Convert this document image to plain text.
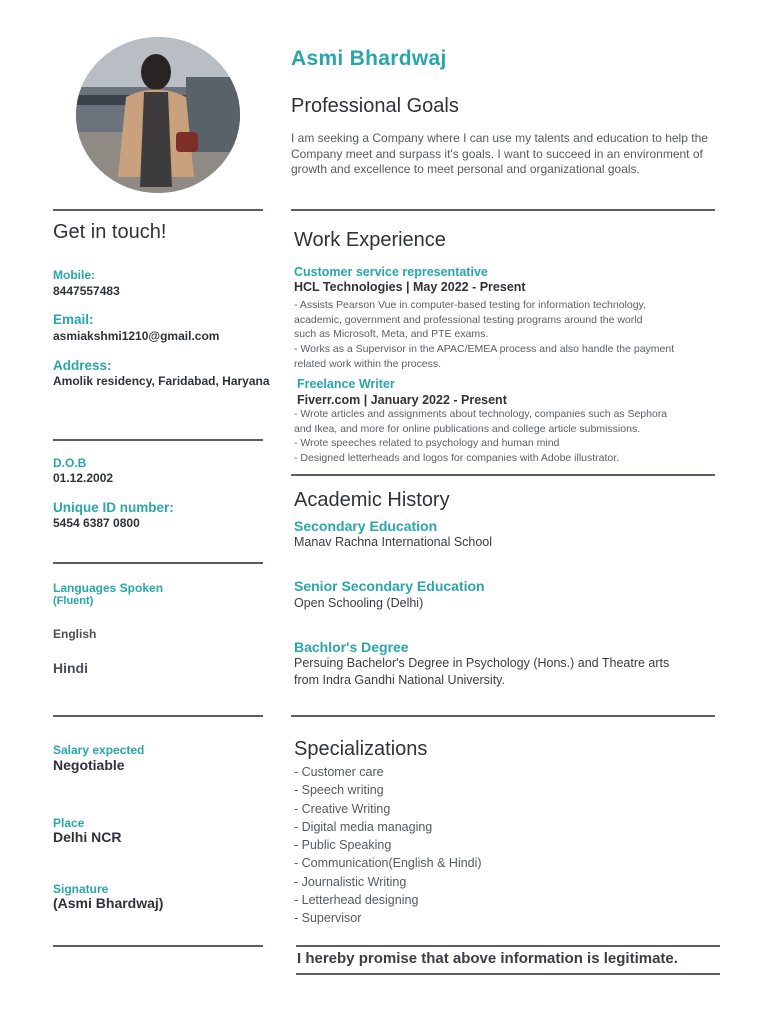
Asmi Bhardwaj
Professional Goals
I am seeking a Company where I can use my talents and education to help the Company meet and surpass it's goals. I want to succeed in an environment of growth and excellence to meet personal and organizational goals.
Get in touch!
Mobile:
8447557483
Email:
asmiakshmi1210@gmail.com
Address:
Amolik residency, Faridabad, Haryana
D.O.B
01.12.2002
Unique ID number:
5454 6387 0800
Languages Spoken
(Fluent)
English
Hindi
Salary expected
Negotiable
Place
Delhi NCR
Signature
(Asmi Bhardwaj)
Work Experience
Customer service representative
HCL Technologies | May 2022 - Present
- Assists Pearson Vue in computer-based testing for information technology,
academic, government and professional testing programs around the world
such as Microsoft, Meta, and PTE exams.
- Works as a Supervisor in the APAC/EMEA process and also handle the payment
related work within the process.
Freelance Writer
Fiverr.com | January 2022 - Present
- Wrote articles and assignments about technology, companies such as Sephora
and Ikea, and more for online publications and college article submissions.
- Wrote speeches related to psychology and human mind
- Designed letterheads and logos for companies with Adobe illustrator.
Academic History
Secondary Education
Manav Rachna International School
Senior Secondary Education
Open Schooling (Delhi)
Bachlor's Degree
Persuing Bachelor's Degree in Psychology (Hons.) and Theatre arts
from Indra Gandhi National University.
Specializations
- Customer care
- Speech writing
- Creative Writing
- Digital media managing
- Public Speaking
- Communication(English & Hindi)
- Journalistic Writing
- Letterhead designing
- Supervisor
I hereby promise that above information is legitimate.
